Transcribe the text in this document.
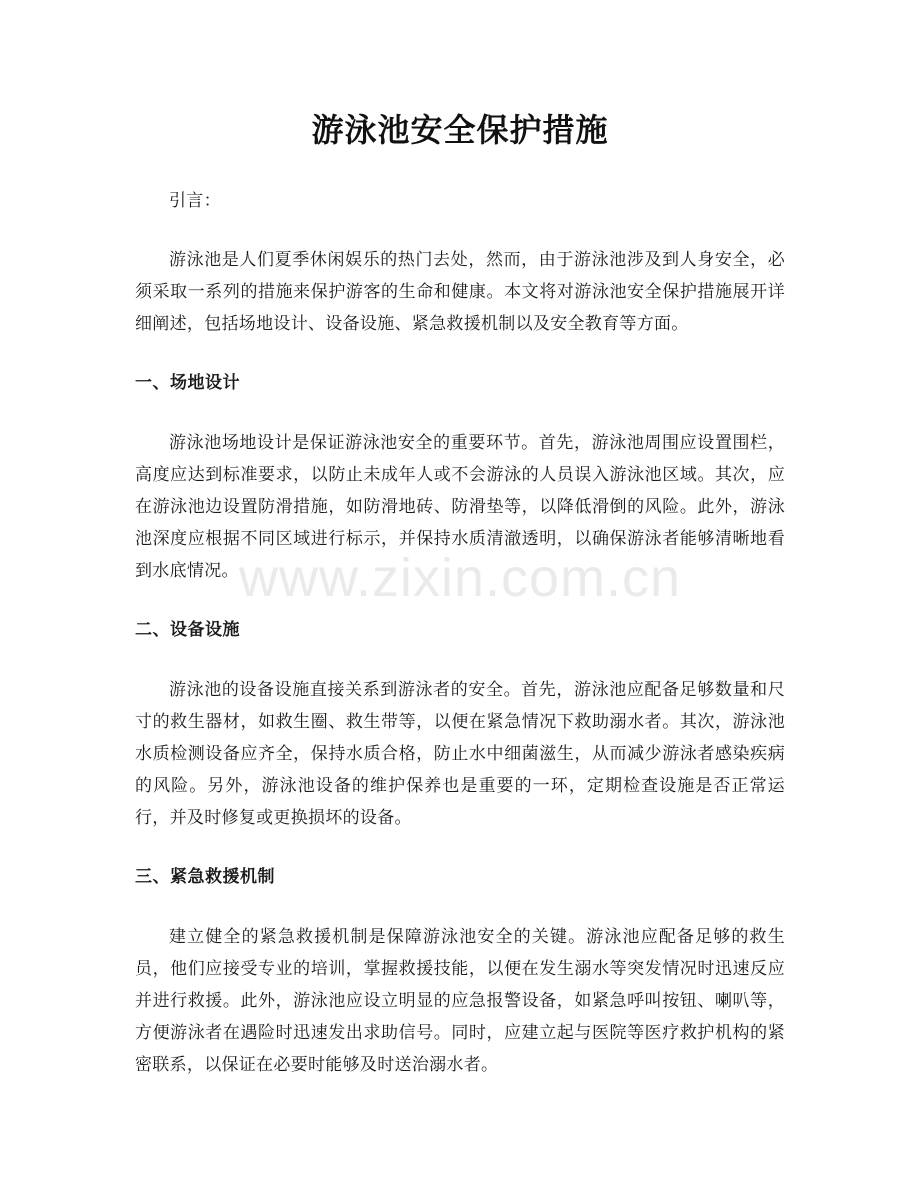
游泳池安全保护措施

引言：

游泳池是人们夏季休闲娱乐的热门去处，然而，由于游泳池涉及到人身安全，必须采取一系列的措施来保护游客的生命和健康。本文将对游泳池安全保护措施展开详细阐述，包括场地设计、设备设施、紧急救援机制以及安全教育等方面。

一、场地设计

游泳池场地设计是保证游泳池安全的重要环节。首先，游泳池周围应设置围栏，高度应达到标准要求，以防止未成年人或不会游泳的人员误入游泳池区域。其次，应在游泳池边设置防滑措施，如防滑地砖、防滑垫等，以降低滑倒的风险。此外，游泳池深度应根据不同区域进行标示，并保持水质清澈透明，以确保游泳者能够清晰地看到水底情况。

二、设备设施

游泳池的设备设施直接关系到游泳者的安全。首先，游泳池应配备足够数量和尺寸的救生器材，如救生圈、救生带等，以便在紧急情况下救助溺水者。其次，游泳池水质检测设备应齐全，保持水质合格，防止水中细菌滋生，从而减少游泳者感染疾病的风险。另外，游泳池设备的维护保养也是重要的一环，定期检查设施是否正常运行，并及时修复或更换损坏的设备。

三、紧急救援机制

建立健全的紧急救援机制是保障游泳池安全的关键。游泳池应配备足够的救生员，他们应接受专业的培训，掌握救援技能，以便在发生溺水等突发情况时迅速反应并进行救援。此外，游泳池应设立明显的应急报警设备，如紧急呼叫按钮、喇叭等，方便游泳者在遇险时迅速发出求助信号。同时，应建立起与医院等医疗救护机构的紧密联系，以保证在必要时能够及时送治溺水者。

www.zixin.com.cn
